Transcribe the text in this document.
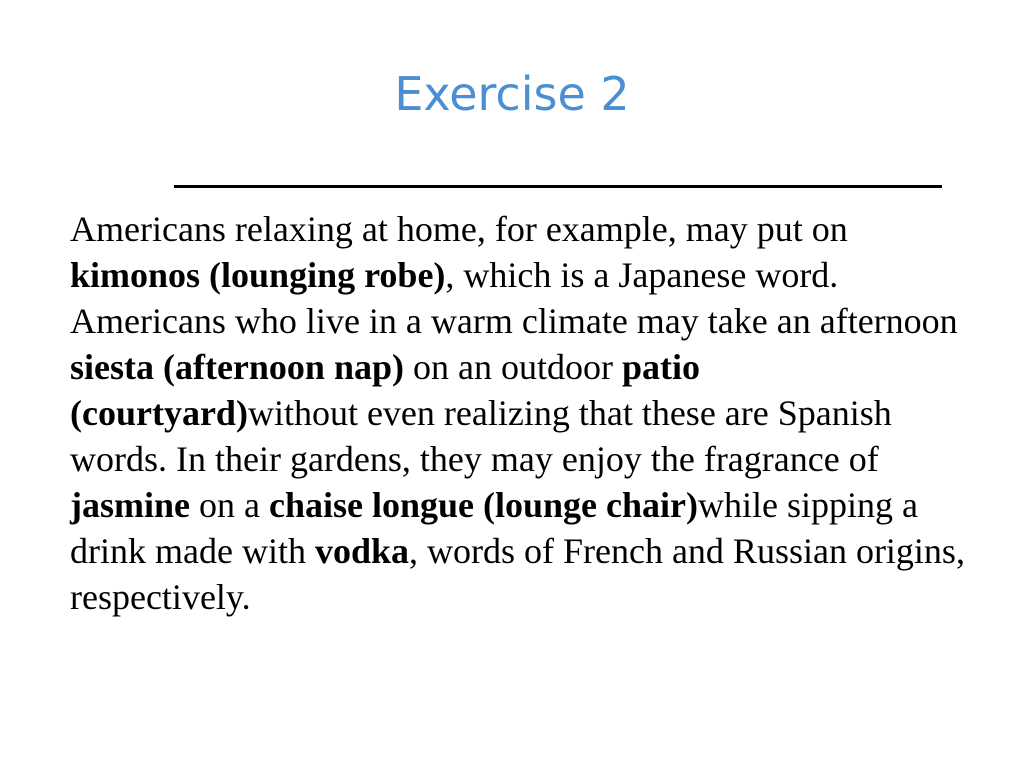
Exercise 2
Americans relaxing at home, for example, may put on kimonos (lounging robe), which is a Japanese word. Americans who live in a warm climate may take an afternoon siesta (afternoon nap) on an outdoor patio (courtyard)without even realizing that these are Spanish words. In their gardens, they may enjoy the fragrance of jasmine on a chaise longue (lounge chair)while sipping a drink made with vodka, words of French and Russian origins, respectively.
